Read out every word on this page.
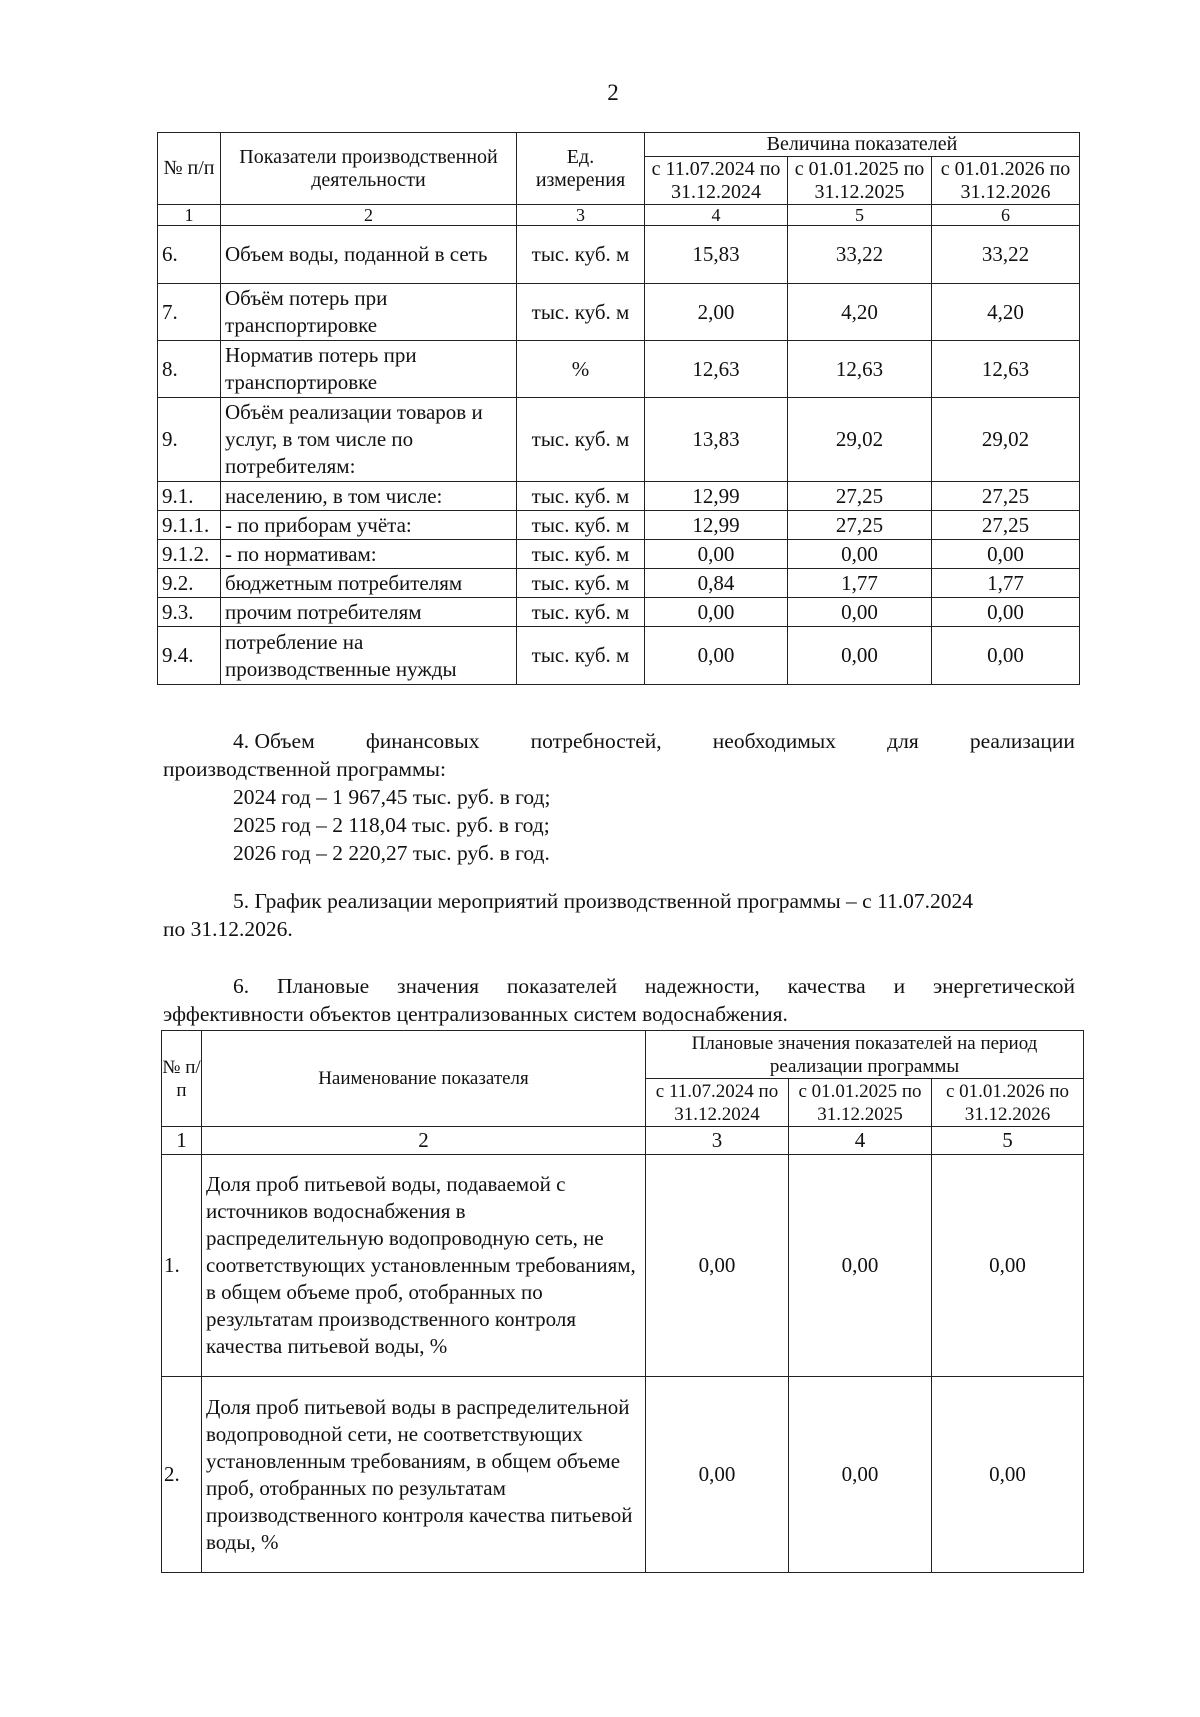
2
№ п/п	Показатели производственной деятельности	Ед. измерения	Величина показателей		
			с 11.07.2024 по 31.12.2024	с 01.01.2025 по 31.12.2025	с 01.01.2026 по 31.12.2026
1	2	3	4	5	6
6.	Объем воды, поданной в сеть	тыс. куб. м	15,83	33,22	33,22
7.	Объём потерь при транспортировке	тыс. куб. м	2,00	4,20	4,20
8.	Норматив потерь при транспортировке	%	12,63	12,63	12,63
9.	Объём реализации товаров и услуг, в том числе по потребителям:	тыс. куб. м	13,83	29,02	29,02
9.1.	населению, в том числе:	тыс. куб. м	12,99	27,25	27,25
9.1.1.	- по приборам учёта:	тыс. куб. м	12,99	27,25	27,25
9.1.2.	- по нормативам:	тыс. куб. м	0,00	0,00	0,00
9.2.	бюджетным потребителям	тыс. куб. м	0,84	1,77	1,77
9.3.	прочим потребителям	тыс. куб. м	0,00	0,00	0,00
9.4.	потребление на производственные нужды	тыс. куб. м	0,00	0,00	0,00
4. Объем финансовых потребностей, необходимых для реализации
производственной программы:
2024 год – 1 967,45 тыс. руб. в год;
2025 год – 2 118,04 тыс. руб. в год;
2026 год – 2 220,27 тыс. руб. в год.
5. График реализации мероприятий производственной программы – с 11.07.2024
по 31.12.2026.
6. Плановые значения показателей надежности, качества и энергетической
эффективности объектов централизованных систем водоснабжения.
№ п/п	Наименование показателя	Плановые значения показателей на период реализации программы		
		с 11.07.2024 по 31.12.2024	с 01.01.2025 по 31.12.2025	с 01.01.2026 по 31.12.2026
1	2	3	4	5
1.	Доля проб питьевой воды, подаваемой с источников водоснабжения в распределительную водопроводную сеть, не соответствующих установленным требованиям, в общем объеме проб, отобранных по результатам производственного контроля качества питьевой воды, %	0,00	0,00	0,00
2.	Доля проб питьевой воды в распределительной водопроводной сети, не соответствующих установленным требованиям, в общем объеме проб, отобранных по результатам производственного контроля качества питьевой воды, %	0,00	0,00	0,00
